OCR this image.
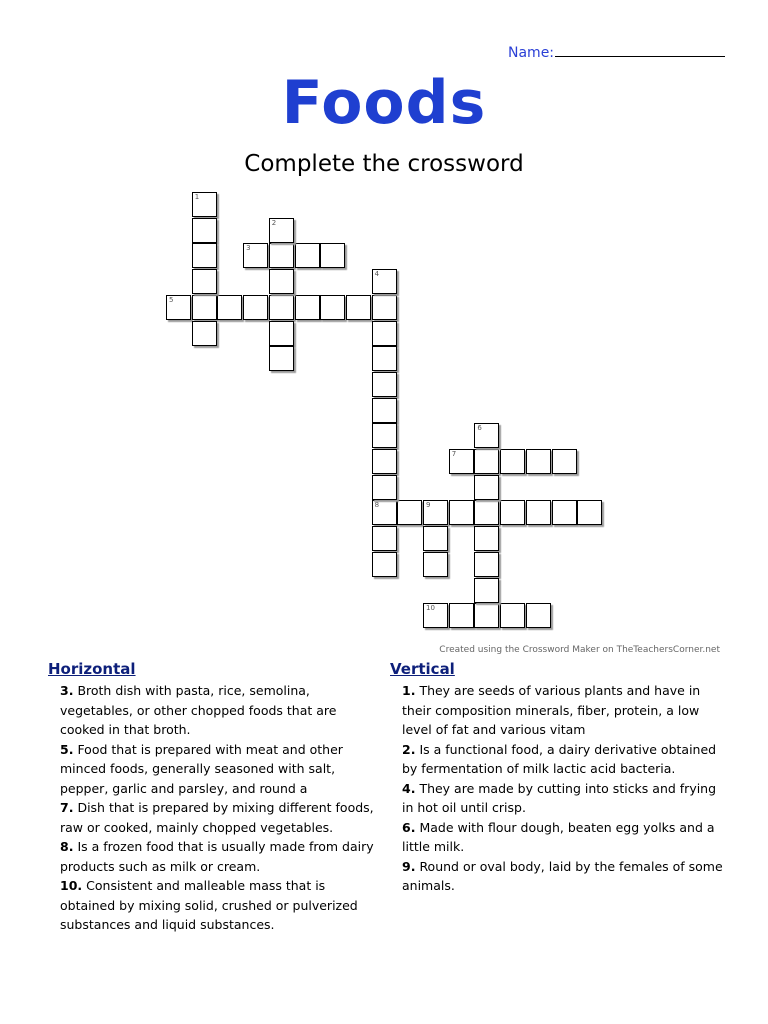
Name:
Foods
Complete the crossword
3
5
7
8	9
10
1
2
4
6
Created using the Crossword Maker on TheTeachersCorner.net
Horizontal
3. Broth dish with pasta, rice, semolina, vegetables, or other chopped foods that are cooked in that broth.
5. Food that is prepared with meat and other minced foods, generally seasoned with salt, pepper, garlic and parsley, and round a
7. Dish that is prepared by mixing different foods, raw or cooked, mainly chopped vegetables.
8. Is a frozen food that is usually made from dairy products such as milk or cream.
10. Consistent and malleable mass that is obtained by mixing solid, crushed or pulverized substances and liquid substances.
Vertical
1. They are seeds of various plants and have in their composition minerals, fiber, protein, a low level of fat and various vitam
2. Is a functional food, a dairy derivative obtained by fermentation of milk lactic acid bacteria.
4. They are made by cutting into sticks and frying in hot oil until crisp.
6. Made with flour dough, beaten egg yolks and a little milk.
9. Round or oval body, laid by the females of some animals.
